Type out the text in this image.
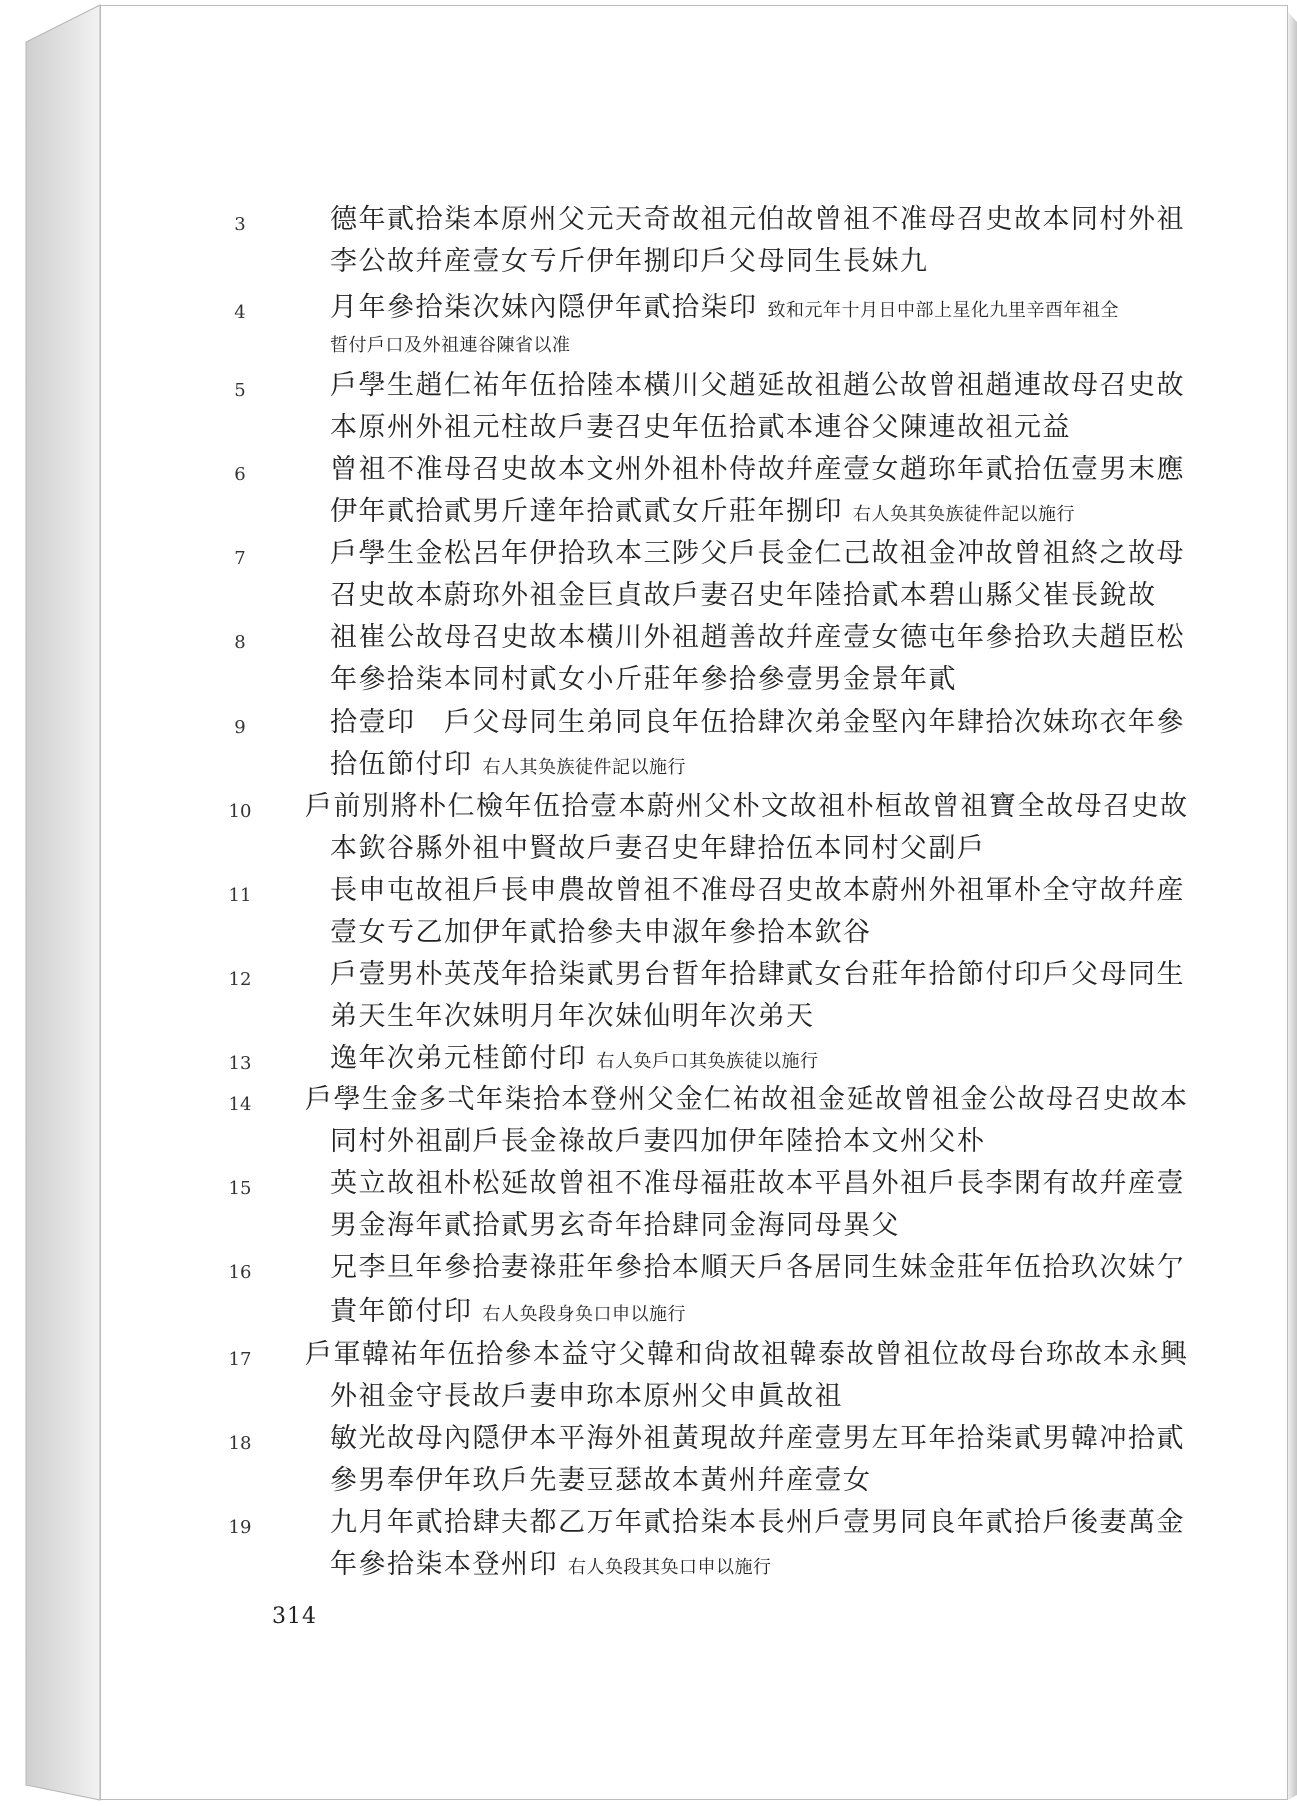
3	德年貳拾柒本原州父元天奇故祖元伯故曾祖不准母召史故本同村外祖
李公故幷産壹女亐斤伊年捌印戶父母同生長妹九
4	月年參拾柒次妹內隠伊年貳拾柒印 致和元年十月日中部上星化九里辛酉年祖全
晢付戶口及外祖連谷陳省以准
5	戶學生趙仁祐年伍拾陸本橫川父趙延故祖趙公故曾祖趙連故母召史故
本原州外祖元柱故戶妻召史年伍拾貳本連谷父陳連故祖元益
6	曾祖不准母召史故本文州外祖朴侍故幷産壹女趙珎年貳拾伍壹男末應
伊年貳拾貳男斤達年拾貳貳女斤莊年捌印 右人奂其奂族徒件記以施行
7	戶學生金松呂年伊拾玖本三陟父戶長金仁己故祖金冲故曾祖終之故母
召史故本蔚珎外祖金巨貞故戶妻召史年陸拾貳本碧山縣父崔長銳故
8	祖崔公故母召史故本橫川外祖趙善故幷産壹女德屯年參拾玖夫趙臣松
年參拾柒本同村貳女小斤莊年參拾參壹男金景年貳
9	拾壹印　戶父母同生弟同良年伍拾肆次弟金堅內年肆拾次妹珎衣年參
拾伍節付印 右人其奂族徒件記以施行
10	戶前別將朴仁檢年伍拾壹本蔚州父朴文故祖朴桓故曾祖寶全故母召史故
本欽谷縣外祖中賢故戶妻召史年肆拾伍本同村父副戶
11	長申屯故祖戶長申農故曾祖不准母召史故本蔚州外祖軍朴全守故幷産
壹女亐乙加伊年貳拾參夫申淑年參拾本欽谷
12	戶壹男朴英茂年拾柒貳男台晢年拾肆貳女台莊年拾節付印戶父母同生
弟天生年次妹明月年次妹仙明年次弟天
13	逸年次弟元桂節付印 右人奂戶口其奂族徒以施行
14	戶學生金多弌年柒拾本登州父金仁祐故祖金延故曾祖金公故母召史故本
同村外祖副戶長金祿故戶妻四加伊年陸拾本文州父朴
15	英立故祖朴松延故曾祖不准母福莊故本平昌外祖戶長李閑有故幷産壹
男金海年貳拾貳男玄奇年拾肆同金海同母異父
16	兄李旦年參拾妻祿莊年參拾本順天戶各居同生妹金莊年伍拾玖次妹亇
貴年節付印 右人奂段身奂口申以施行
17	戶軍韓祐年伍拾參本益守父韓和尙故祖韓泰故曾祖位故母台珎故本永興
外祖金守長故戶妻申珎本原州父申眞故祖
18	敏光故母內隠伊本平海外祖黃現故幷産壹男左耳年拾柒貳男韓冲拾貳
參男奉伊年玖戶先妻豆瑟故本黃州幷産壹女
19	九月年貳拾肆夫都乙万年貳拾柒本長州戶壹男同良年貳拾戶後妻萬金
年參拾柒本登州印 右人奂段其奂口申以施行
314
